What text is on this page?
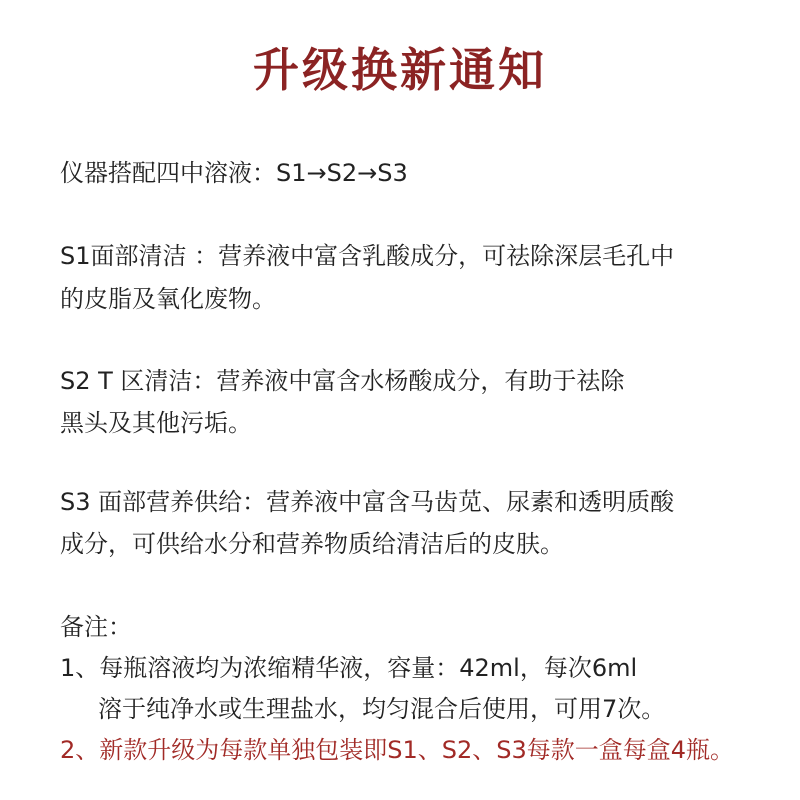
升级换新通知
仪器搭配四中溶液：S1→S2→S3
S1面部清洁 ：营养液中富含乳酸成分，可祛除深层毛孔中
的皮脂及氧化废物。
S2 T 区清洁：营养液中富含水杨酸成分，有助于祛除
黑头及其他污垢。
S3 面部营养供给：营养液中富含马齿苋、尿素和透明质酸
成分，可供给水分和营养物质给清洁后的皮肤。
备注：
1、每瓶溶液均为浓缩精华液，容量：42ml，每次6ml
溶于纯净水或生理盐水，均匀混合后使用，可用7次。
2、新款升级为每款单独包装即S1、S2、S3每款一盒每盒4瓶。
